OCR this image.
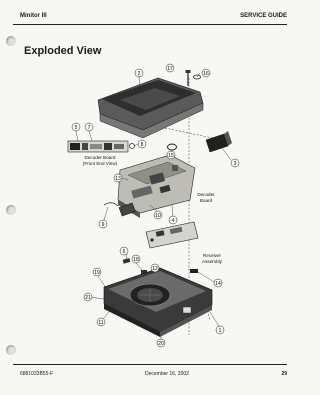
Minitor III	SERVICE GUIDE
Exploded View
2
17
16
5 7
8
15
3
13
9
10
4
6
18
12
19
14
21
11
1
20
Decoder Board
(Front End View)
Decoder
Board
Receiver
Assembly
6881033B55-F	December 16, 2002	29
